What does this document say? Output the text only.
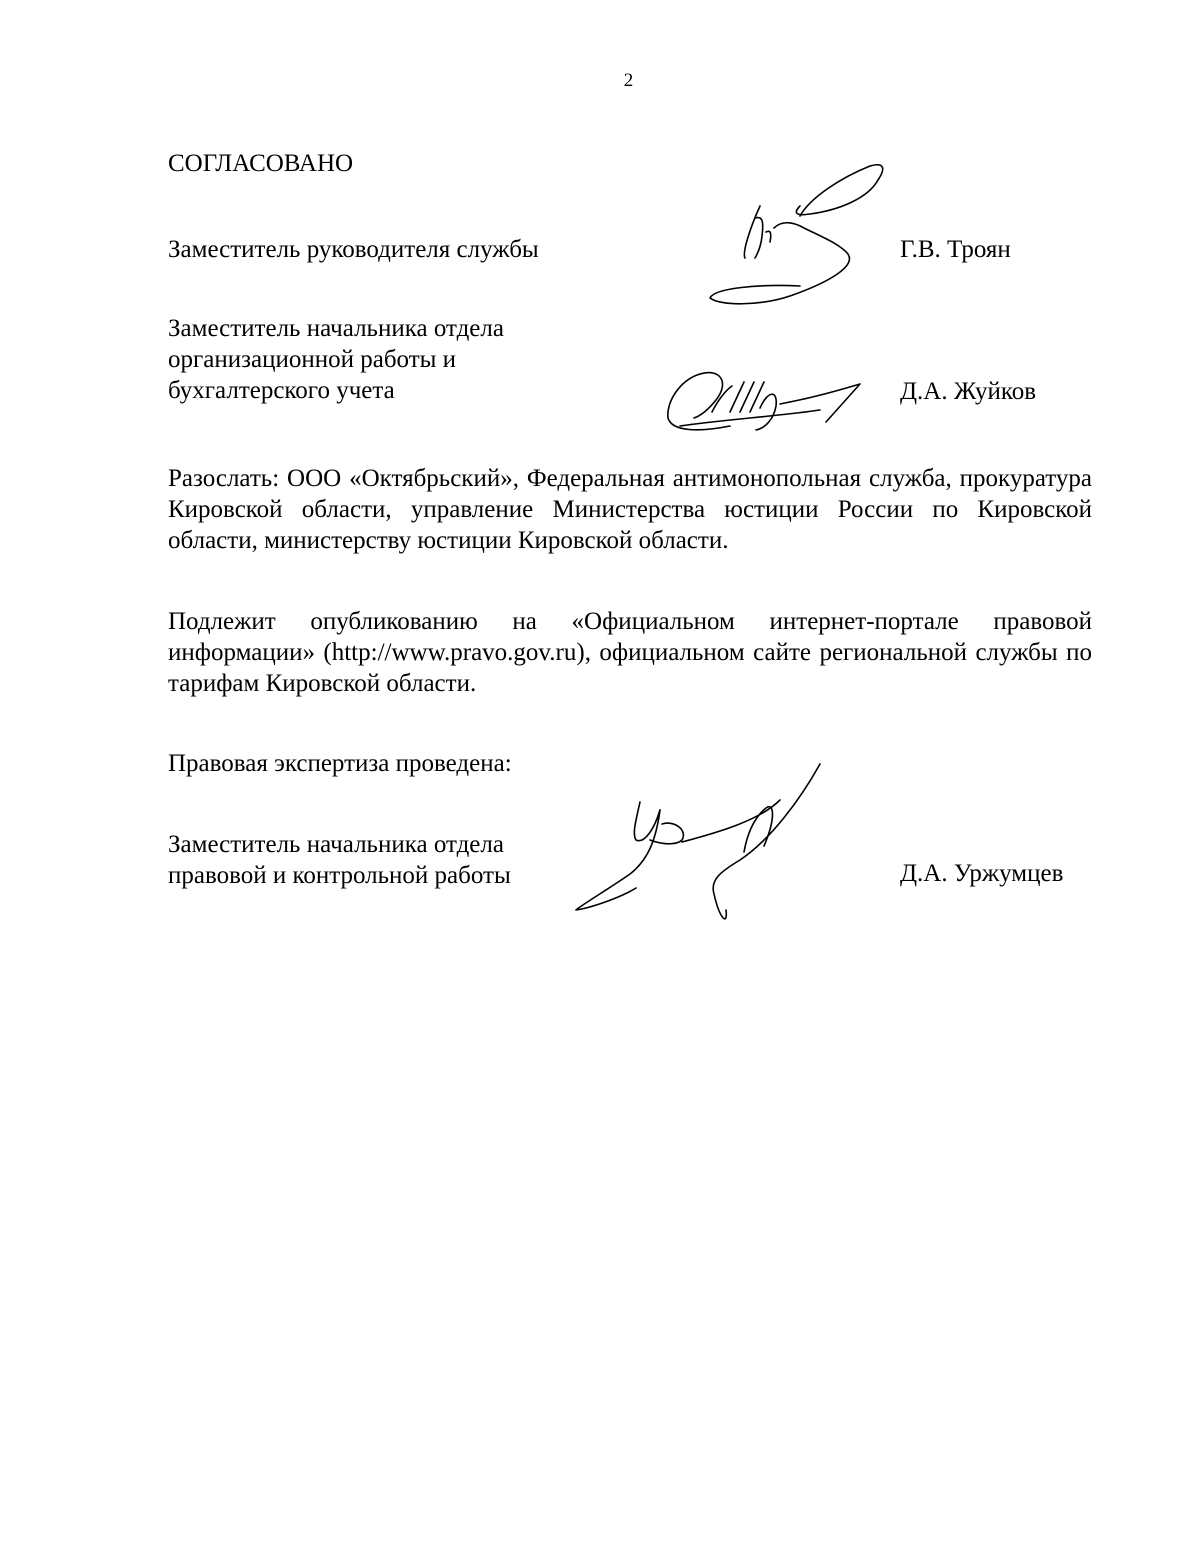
2
СОГЛАСОВАНО
Заместитель руководителя службы	Г.В. Троян
Заместитель начальника отдела
организационной работы и
бухгалтерского учета	Д.А. Жуйков
Разослать: ООО «Октябрьский», Федеральная антимонопольная служба, прокуратура Кировской области, управление Министерства юстиции России по Кировской области, министерству юстиции Кировской области.
Подлежит опубликованию на «Официальном интернет-портале правовой информации» (http://www.pravo.gov.ru), официальном сайте региональной службы по тарифам Кировской области.
Правовая экспертиза проведена:
Заместитель начальника отдела
правовой и контрольной работы	Д.А. Уржумцев
